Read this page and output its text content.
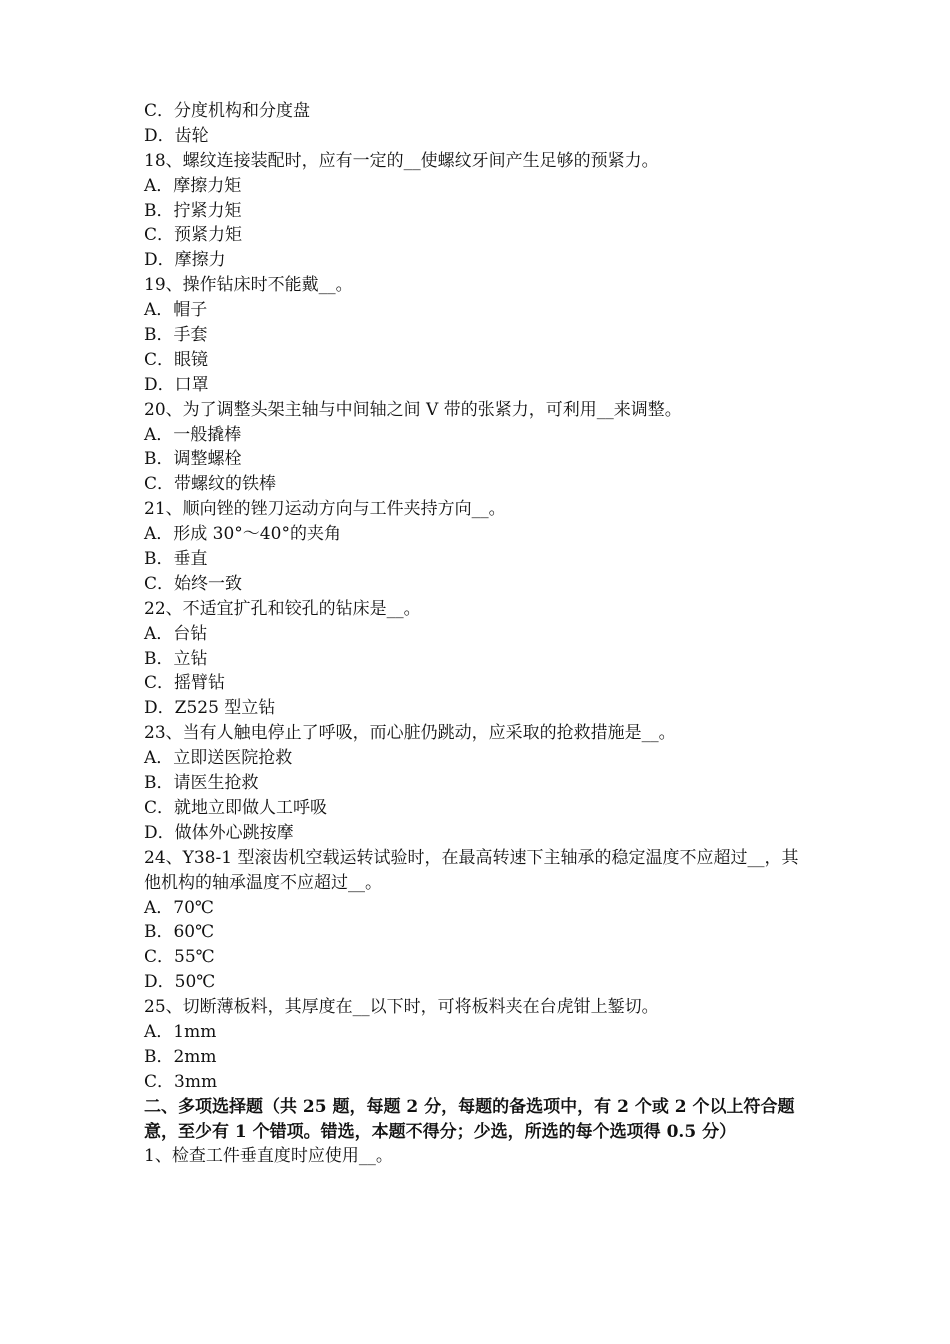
C．分度机构和分度盘
D．齿轮
18、螺纹连接装配时，应有一定的__使螺纹牙间产生足够的预紧力。
A．摩擦力矩
B．拧紧力矩
C．预紧力矩
D．摩擦力
19、操作钻床时不能戴__。
A．帽子
B．手套
C．眼镜
D．口罩
20、为了调整头架主轴与中间轴之间 V 带的张紧力，可利用__来调整。
A．一般撬棒
B．调整螺栓
C．带螺纹的铁棒
21、顺向锉的锉刀运动方向与工件夹持方向__。
A．形成 30°～40°的夹角
B．垂直
C．始终一致
22、不适宜扩孔和铰孔的钻床是__。
A．台钻
B．立钻
C．摇臂钻
D．Z525 型立钻
23、当有人触电停止了呼吸，而心脏仍跳动，应采取的抢救措施是__。
A．立即送医院抢救
B．请医生抢救
C．就地立即做人工呼吸
D．做体外心跳按摩
24、Y38-1 型滚齿机空载运转试验时，在最高转速下主轴承的稳定温度不应超过__，其他机构的轴承温度不应超过__。
A．70℃
B．60℃
C．55℃
D．50℃
25、切断薄板料，其厚度在__以下时，可将板料夹在台虎钳上錾切。
A．1mm
B．2mm
C．3mm
二、多项选择题（共 25 题，每题 2 分，每题的备选项中，有 2 个或 2 个以上符合题意，至少有 1 个错项。错选，本题不得分；少选，所选的每个选项得 0.5 分）
1、检查工件垂直度时应使用__。
